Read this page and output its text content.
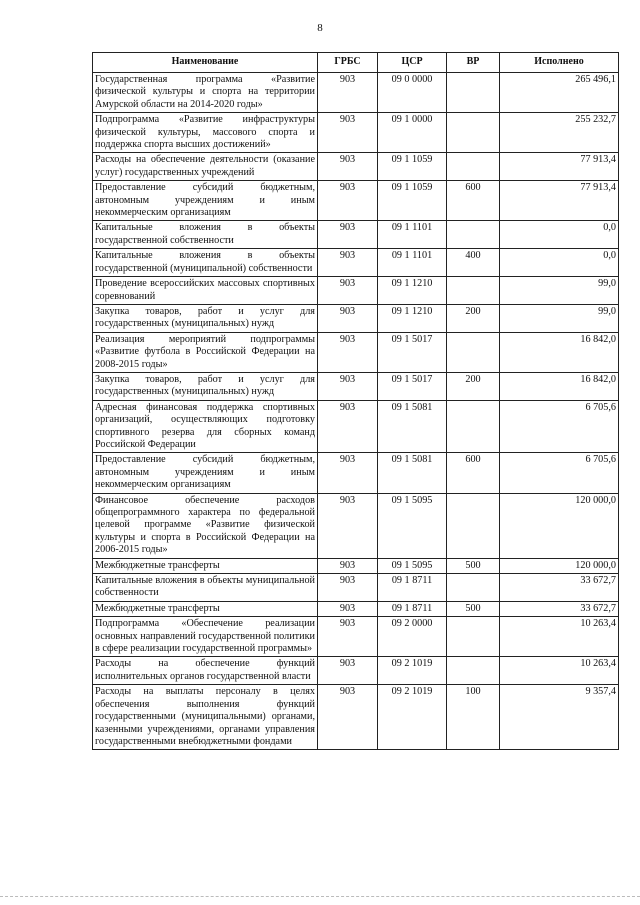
8
Наименование	ГРБС	ЦСР	ВР	Исполнено
Государственная программа «Развитие физической культуры и спорта на территории Амурской области на 2014-2020 годы»	903	09 0 0000		265 496,1
Подпрограмма «Развитие инфраструктуры физической культуры, массового спорта и поддержка спорта высших достижений»	903	09 1 0000		255 232,7
Расходы на обеспечение деятельности (оказание услуг) государственных учреждений	903	09 1 1059		77 913,4
Предоставление субсидий бюджетным, автономным учреждениям и иным некоммерческим организациям	903	09 1 1059	600	77 913,4
Капитальные вложения в объекты государственной собственности	903	09 1 1101		0,0
Капитальные вложения в объекты государственной (муниципальной) собственности	903	09 1 1101	400	0,0
Проведение всероссийских массовых спортивных соревнований	903	09 1 1210		99,0
Закупка товаров, работ и услуг для государственных (муниципальных) нужд	903	09 1 1210	200	99,0
Реализация мероприятий подпрограммы «Развитие футбола в Российской Федерации на 2008-2015 годы»	903	09 1 5017		16 842,0
Закупка товаров, работ и услуг для государственных (муниципальных) нужд	903	09 1 5017	200	16 842,0
Адресная финансовая поддержка спортивных организаций, осуществляющих подготовку спортивного резерва для сборных команд Российской Федерации	903	09 1 5081		6 705,6
Предоставление субсидий бюджетным, автономным учреждениям и иным некоммерческим организациям	903	09 1 5081	600	6 705,6
Финансовое обеспечение расходов общепрограммного характера по федеральной целевой программе «Развитие физической культуры и спорта в Российской Федерации на 2006-2015 годы»	903	09 1 5095		120 000,0
Межбюджетные трансферты	903	09 1 5095	500	120 000,0
Капитальные вложения в объекты муниципальной собственности	903	09 1 8711		33 672,7
Межбюджетные трансферты	903	09 1 8711	500	33 672,7
Подпрограмма «Обеспечение реализации основных направлений государственной политики в сфере реализации государственной программы»	903	09 2 0000		10 263,4
Расходы на обеспечение функций исполнительных органов государственной власти	903	09 2 1019		10 263,4
Расходы на выплаты персоналу в целях обеспечения выполнения функций государственными (муниципальными) органами, казенными учреждениями, органами управления государственными внебюджетными фондами	903	09 2 1019	100	9 357,4
